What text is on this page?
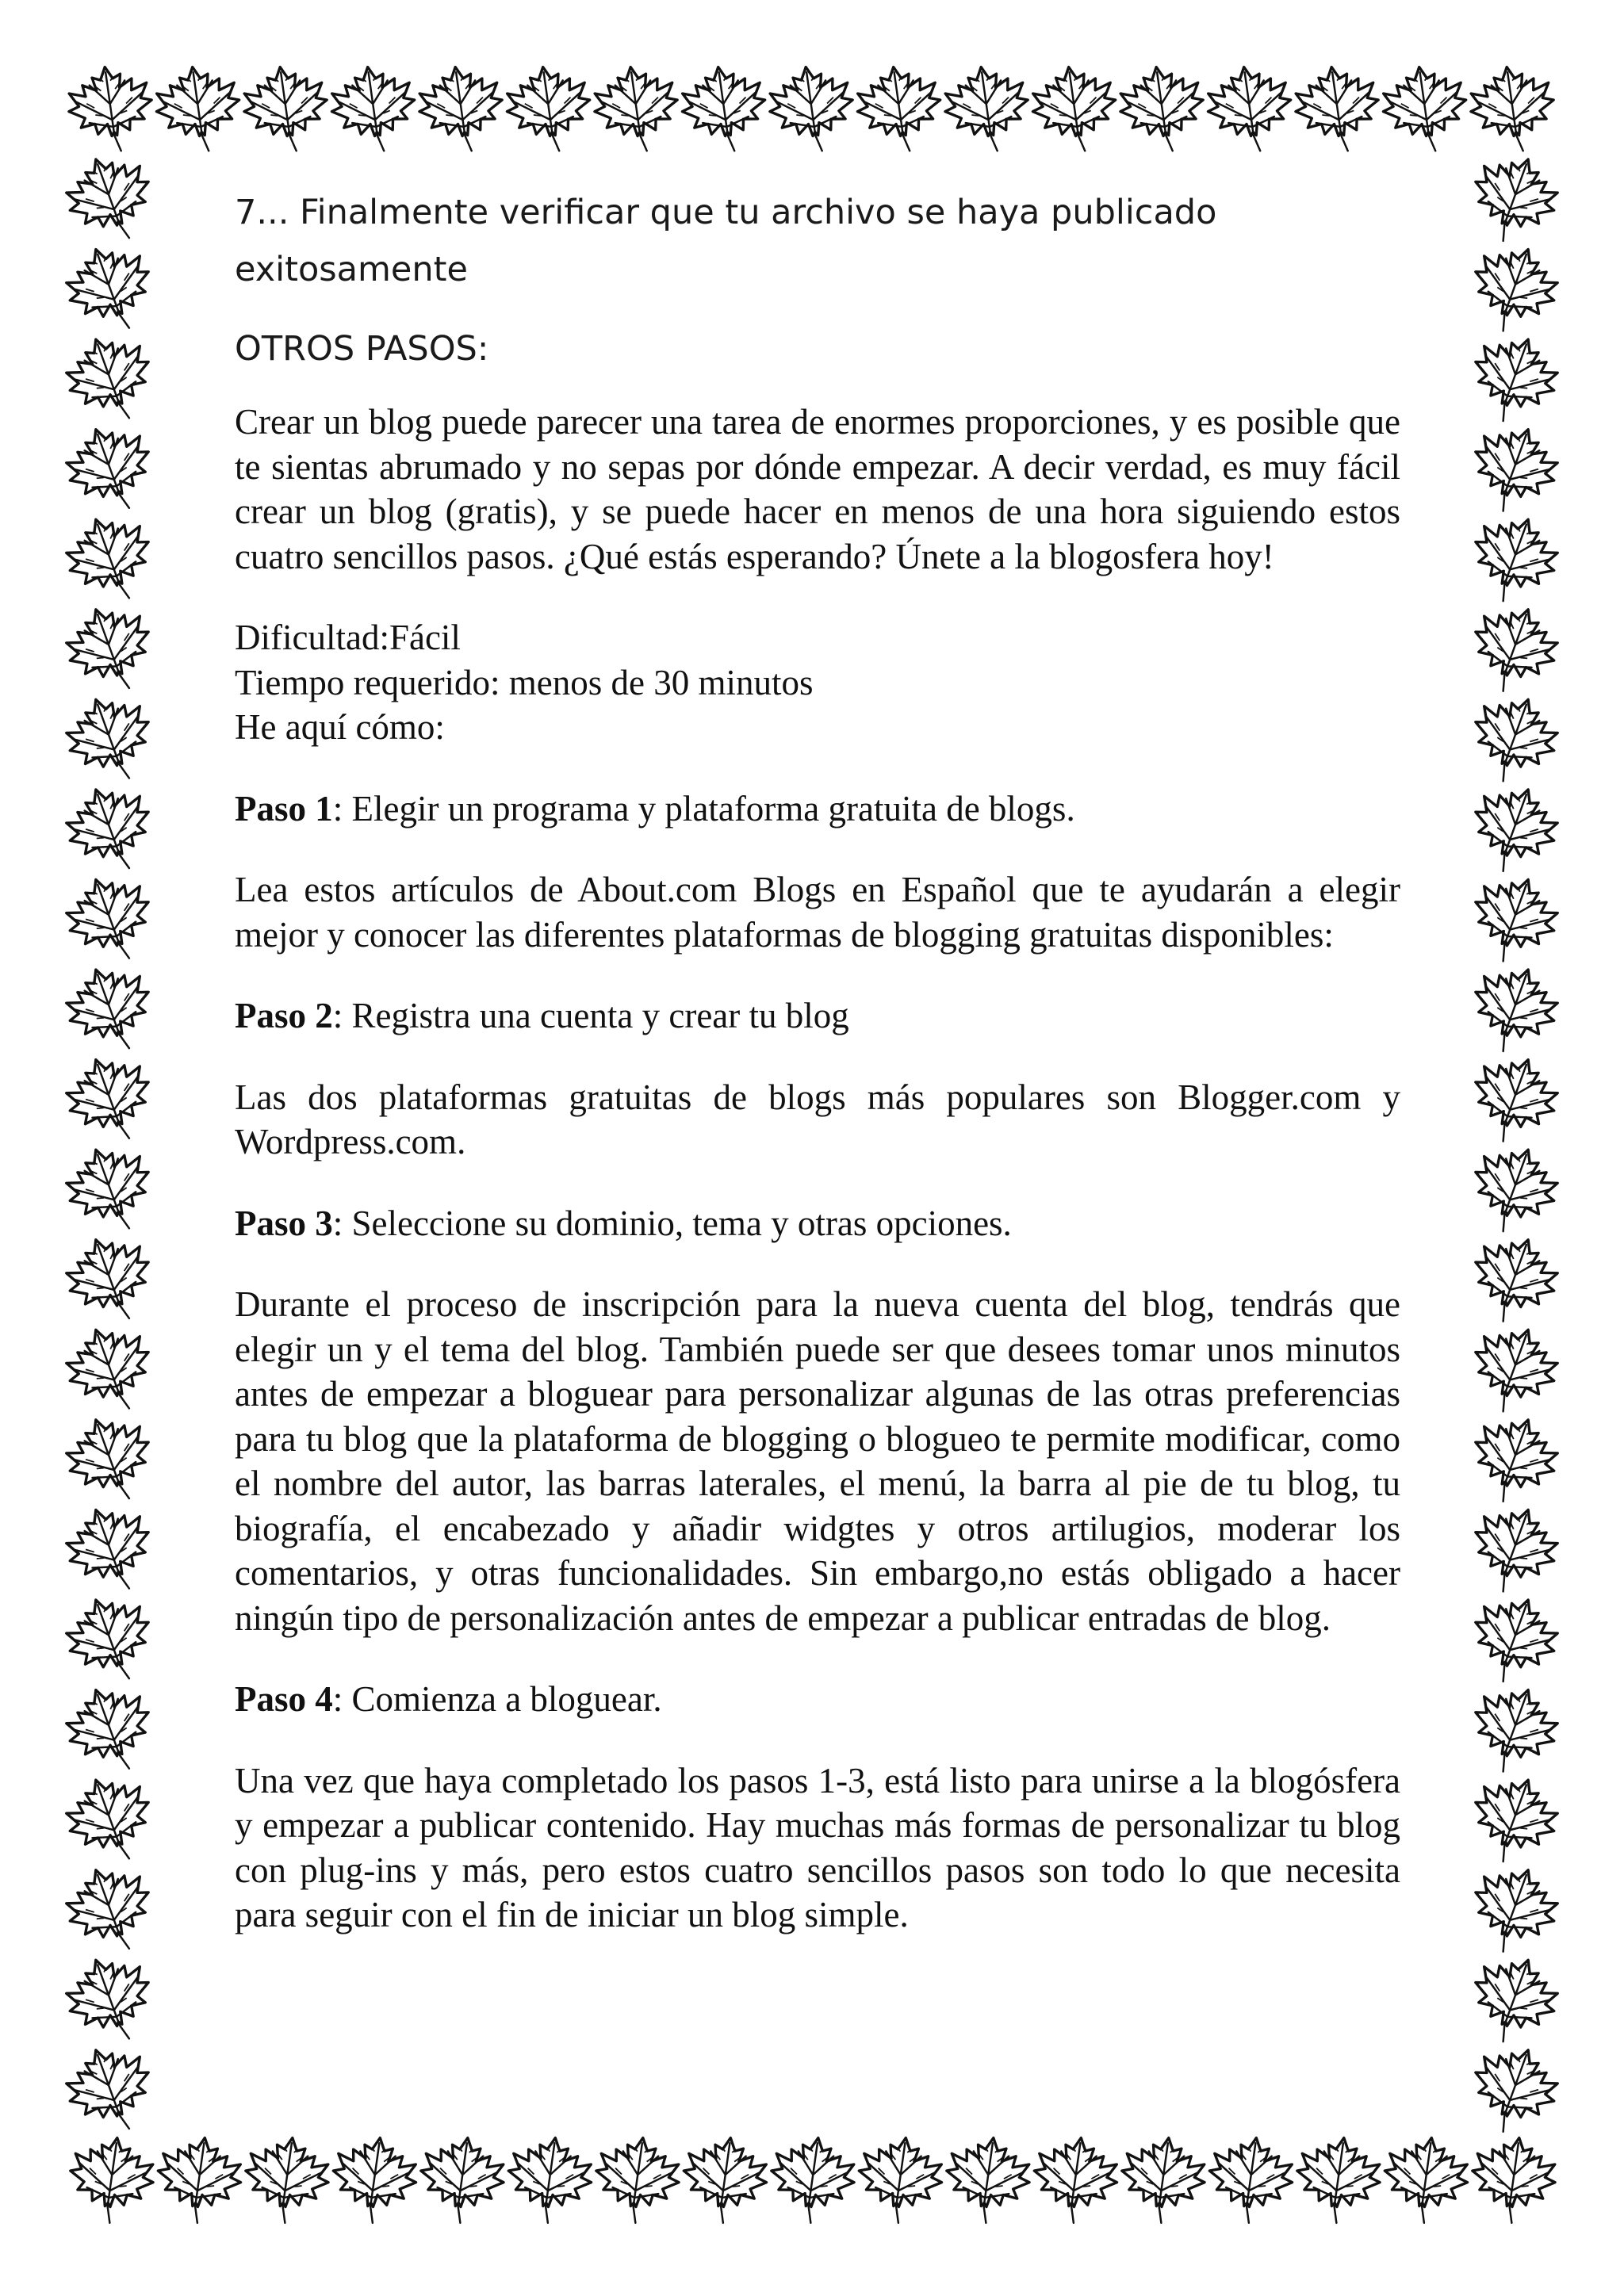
7... Finalmente verificar que tu archivo se haya publicado exitosamente

OTROS PASOS:

Crear un blog puede parecer una tarea de enormes proporciones, y es posible que te sientas abrumado y no sepas por dónde empezar. A decir verdad, es muy fácil crear un blog (gratis), y se puede hacer en menos de una hora siguiendo estos cuatro sencillos pasos. ¿Qué estás esperando? Únete a la blogosfera hoy!

Dificultad:Fácil
Tiempo requerido: menos de 30 minutos
He aquí cómo:

Paso 1: Elegir un programa y plataforma gratuita de blogs.

Lea estos artículos de About.com Blogs en Español que te ayudarán a elegir mejor y conocer las diferentes plataformas de blogging gratuitas disponibles:

Paso 2: Registra una cuenta y crear tu blog

Las dos plataformas gratuitas de blogs más populares son Blogger.com y Wordpress.com.

Paso 3: Seleccione su dominio, tema y otras opciones.

Durante el proceso de inscripción para la nueva cuenta del blog, tendrás que elegir un y el tema del blog. También puede ser que desees tomar unos minutos antes de empezar a bloguear para personalizar algunas de las otras preferencias para tu blog que la plataforma de blogging o blogueo te permite modificar, como el nombre del autor, las barras laterales, el menú, la barra al pie de tu blog, tu biografía, el encabezado y añadir widgtes y otros artilugios, moderar los comentarios, y otras funcionalidades. Sin embargo,no estás obligado a hacer ningún tipo de personalización antes de empezar a publicar entradas de blog.

Paso 4: Comienza a bloguear.

Una vez que haya completado los pasos 1-3, está listo para unirse a la blogósfera y empezar a publicar contenido. Hay muchas más formas de personalizar tu blog con plug-ins y más, pero estos cuatro sencillos pasos son todo lo que necesita para seguir con el fin de iniciar un blog simple.
